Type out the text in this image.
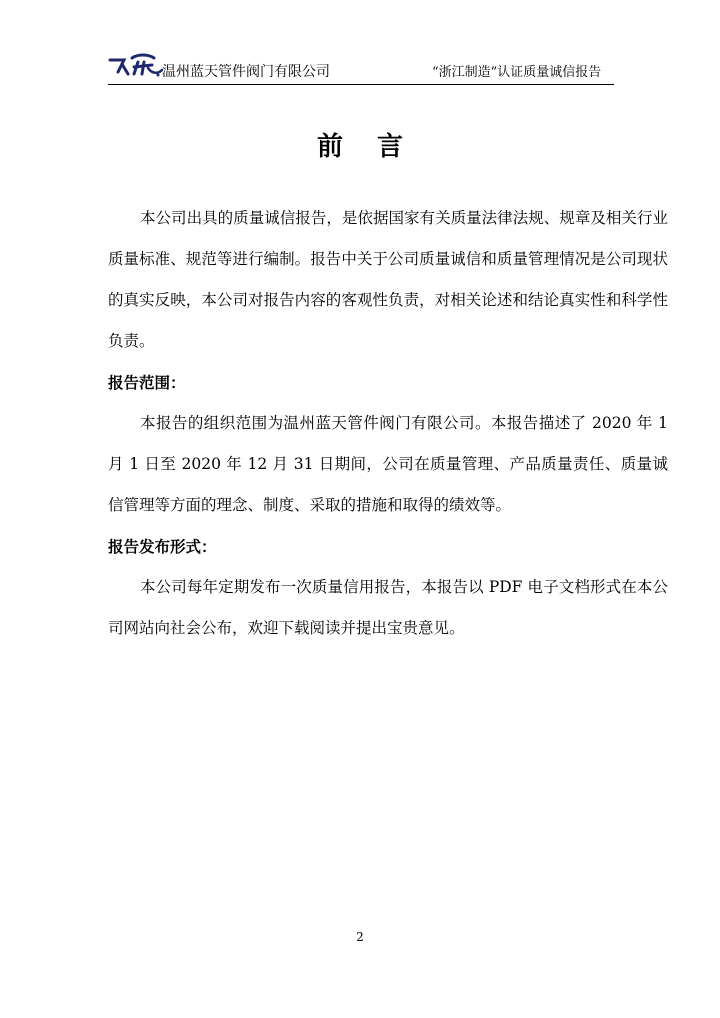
温州蓝天管件阀门有限公司	“浙江制造”认证质量诚信报告
前言

本公司出具的质量诚信报告，是依据国家有关质量法律法规、规章及相关行业质量标准、规范等进行编制。报告中关于公司质量诚信和质量管理情况是公司现状的真实反映，本公司对报告内容的客观性负责，对相关论述和结论真实性和科学性负责。

报告范围：

本报告的组织范围为温州蓝天管件阀门有限公司。本报告描述了 2020 年 1 月 1 日至 2020 年 12 月 31 日期间，公司在质量管理、产品质量责任、质量诚信管理等方面的理念、制度、采取的措施和取得的绩效等。

报告发布形式：

本公司每年定期发布一次质量信用报告，本报告以 PDF 电子文档形式在本公司网站向社会公布，欢迎下载阅读并提出宝贵意见。

2
